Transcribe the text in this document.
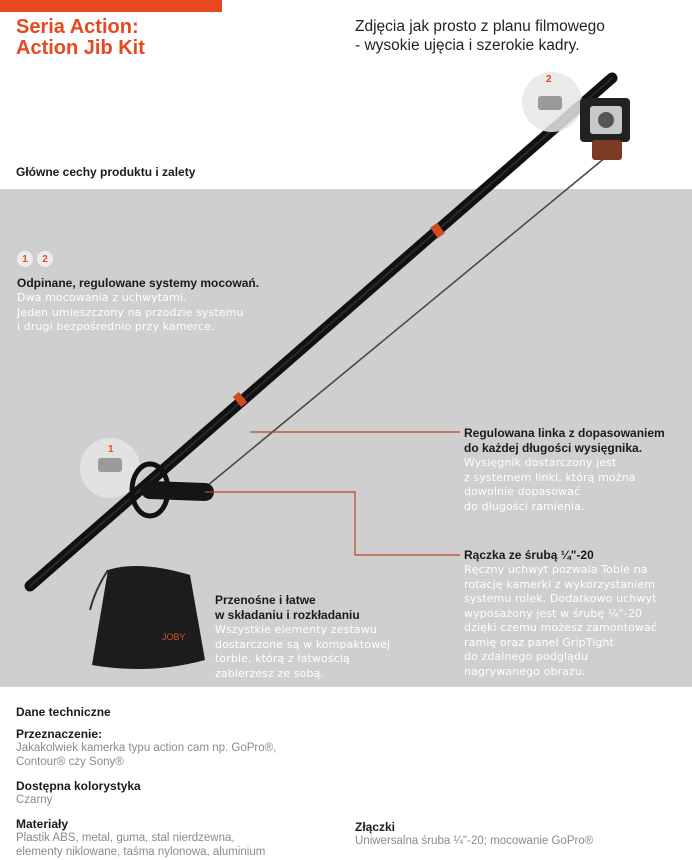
Seria Action:
Action Jib Kit
Zdjęcia jak prosto z planu filmowego
- wysokie ujęcia i szerokie kadry.
Główne cechy produktu i zalety
JOBY
2
1
1	2
Odpinane, regulowane systemy mocowań.
Dwa mocowania z uchwytami.
Jeden umieszczony na przodzie systemu
i drugi bezpośrednio przy kamerce.
Regulowana linka z dopasowaniem
do każdej długości wysięgnika.
Wysięgnik dostarczony jest
z systemem linki, którą można
dowolnie dopasować
do długości ramienia.
Rączka ze śrubą ¼"-20
Ręczny uchwyt pozwala Tobie na
rotację kamerki z wykorzystaniem
systemu rolek. Dodatkowo uchwyt
wyposażony jest w śrubę ¼"-20
dzięki czemu możesz zamontować
ramię oraz panel GripTight
do zdalnego podglądu
nagrywanego obrazu.
Przenośne i łatwe
w składaniu i rozkładaniu
Wszystkie elementy zestawu
dostarczone są w kompaktowej
torbie, którą z łatwością
zabierzesz ze sobą.
Dane techniczne
Przeznaczenie:
Jakakolwiek kamerka typu action cam np. GoPro®,
Contour® czy Sony®
Dostępna kolorystyka
Czarny
Materiały
Plastik ABS, metal, guma, stal nierdzewna,
elementy niklowane, taśma nylonowa, aluminium
Złączki
Uniwersalna śruba ¼"-20; mocowanie GoPro®
